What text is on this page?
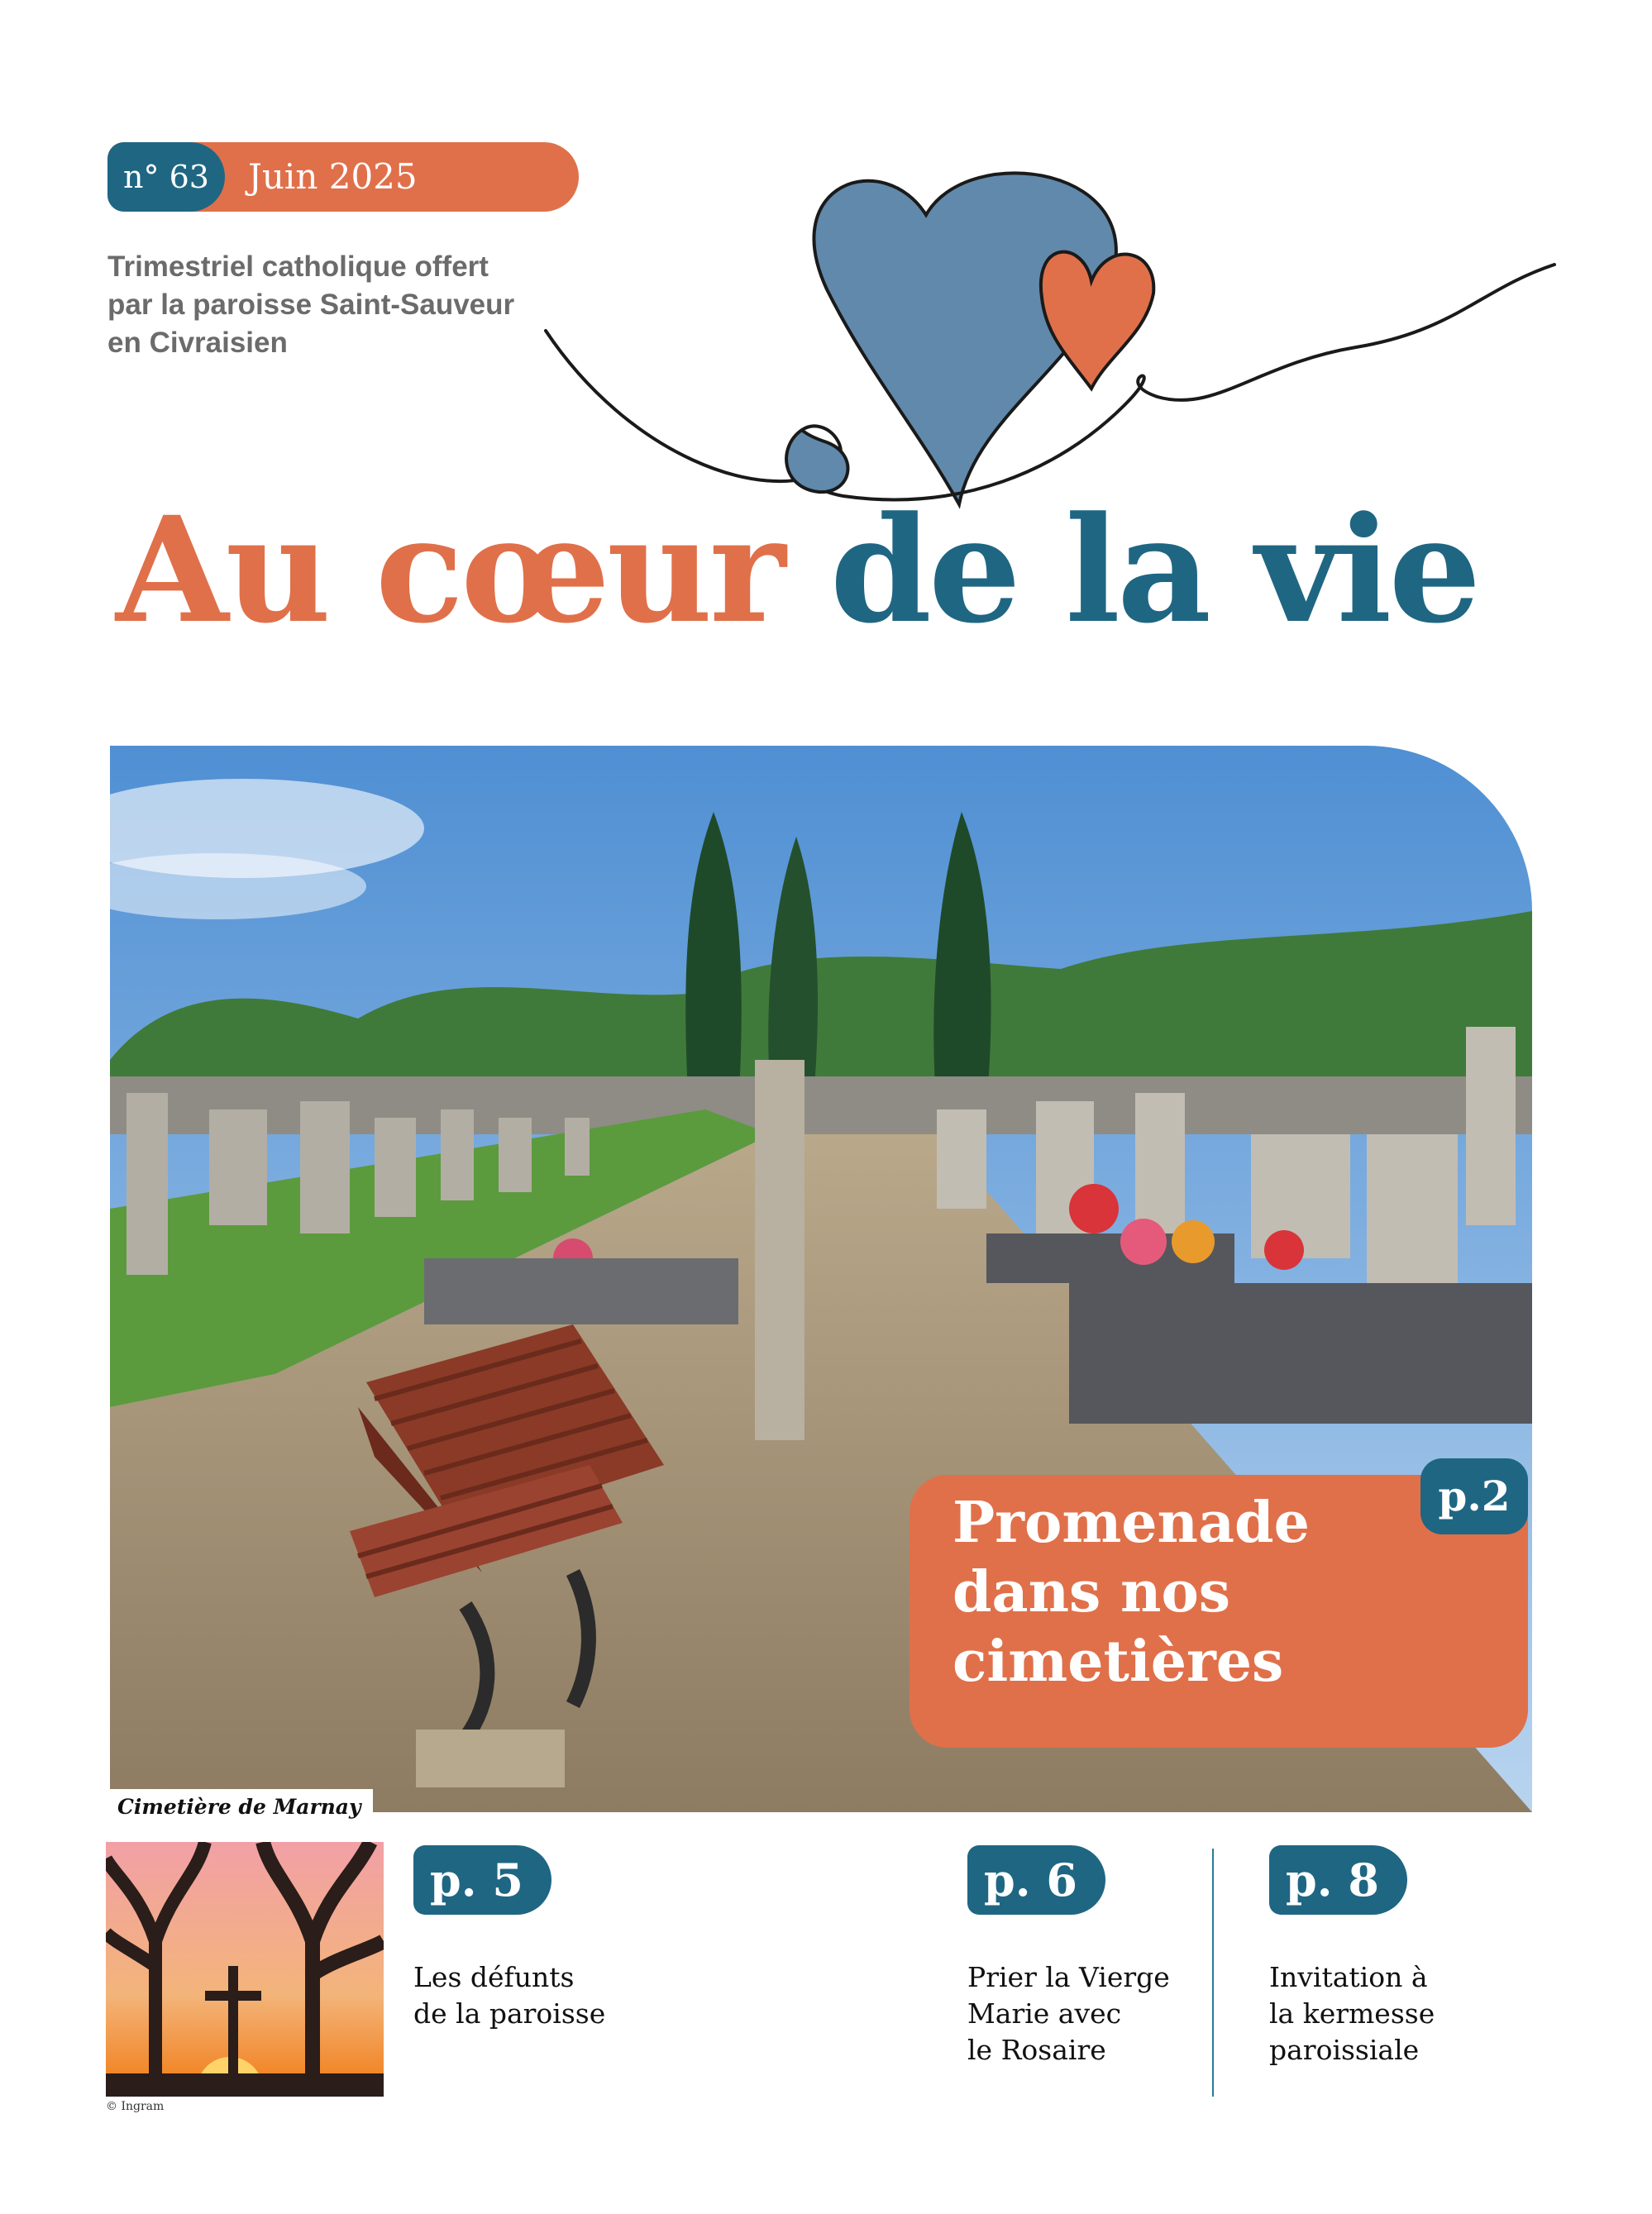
n° 63	Juin 2025
Trimestriel catholique offert
par la paroisse Saint-Sauveur
en Civraisien
Au cœur de la vie
Cimetière de Marnay
Promenade
dans nos
cimetières
p.2
© Ingram
p. 5
Les défunts
de la paroisse
p. 6
Prier la Vierge
Marie avec
le Rosaire
p. 8
Invitation à
la kermesse
paroissiale
